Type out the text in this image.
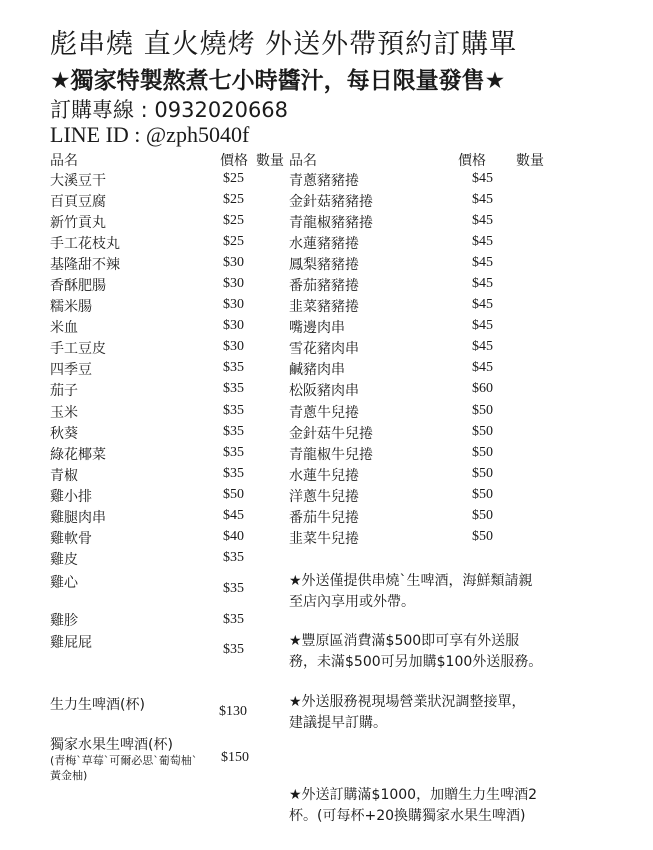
彪串燒 直火燒烤 外送外帶預約訂購單
★獨家特製熬煮七小時醬汁，每日限量發售★
訂購專線 : 0932020668
LINE ID : @zph5040f
品名	價格 數量 品名	價格 數量
大溪豆干	$25
百頁豆腐	$25
新竹貢丸	$25
手工花枝丸	$25
基隆甜不辣	$30
香酥肥腸	$30
糯米腸	$30
米血	$30
手工豆皮	$30
四季豆	$35
茄子	$35
玉米	$35
秋葵	$35
綠花椰菜	$35
青椒	$35
雞小排	$50
雞腿肉串	$45
雞軟骨	$40
雞皮	$35
雞心	$35
雞胗	$35
雞屁屁	$35
青蔥豬豬捲	$45
金針菇豬豬捲	$45
青龍椒豬豬捲	$45
水蓮豬豬捲	$45
鳳梨豬豬捲	$45
番茄豬豬捲	$45
韭菜豬豬捲	$45
嘴邊肉串	$45
雪花豬肉串	$45
鹹豬肉串	$45
松阪豬肉串	$60
青蔥牛兒捲	$50
金針菇牛兒捲	$50
青龍椒牛兒捲	$50
水蓮牛兒捲	$50
洋蔥牛兒捲	$50
番茄牛兒捲	$50
韭菜牛兒捲	$50
★外送僅提供串燒`生啤酒，海鮮類請親
至店內享用或外帶。
★豐原區消費滿$500即可享有外送服
務，未滿$500可另加購$100外送服務。
★外送服務視現場營業狀況調整接單，
建議提早訂購。
★外送訂購滿$1000，加贈生力生啤酒2
杯。(可每杯+20換購獨家水果生啤酒)
生力生啤酒(杯)	$130
獨家水果生啤酒(杯)
(青梅`草莓`可爾必思`葡萄柚` $150
黃金柚)
